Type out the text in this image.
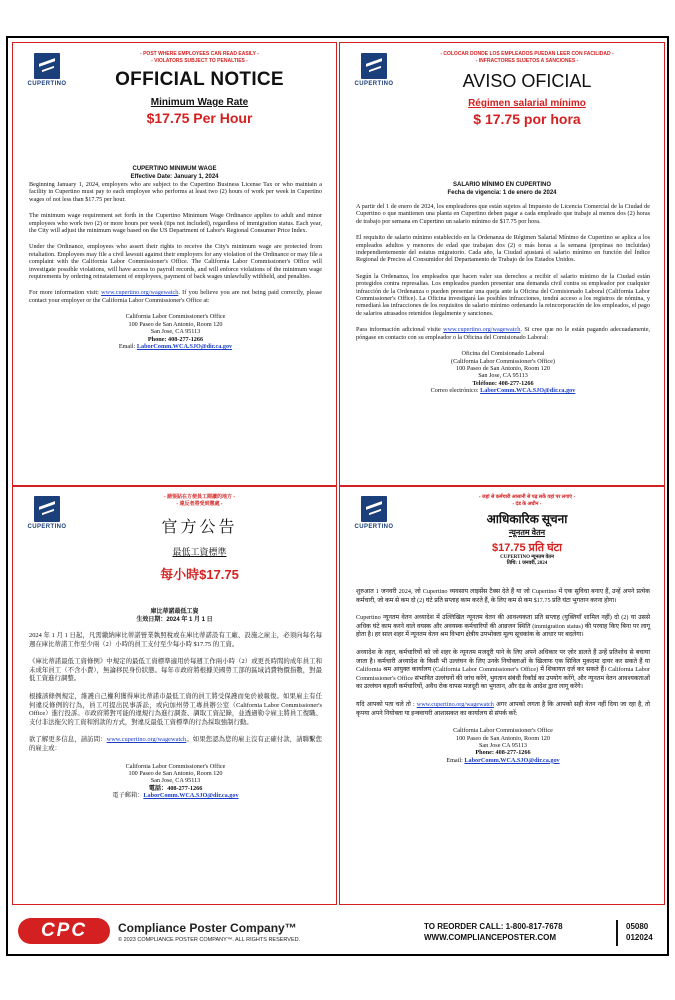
CUPERTINO
- POST WHERE EMPLOYEES CAN READ EASILY -
- VIOLATORS SUBJECT TO PENALTIES -
OFFICIAL NOTICE
Minimum Wage Rate
$17.75 Per Hour
CUPERTINO MINIMUM WAGE
Effective Date: January 1, 2024

Beginning January 1, 2024, employers who are subject to the Cupertino Business License Tax or who maintain a facility in Cupertino must pay to each employee who performs at least two (2) hours of work per week in Cupertino wages of not less than $17.75 per hour.

The minimum wage requirement set forth in the Cupertino Minimum Wage Ordinance applies to adult and minor employees who work two (2) or more hours per week (tips not included), regardless of immigration status. Each year, the City will adjust the minimum wage based on the US Department of Labor's Regional Consumer Price Index.

Under the Ordinance, employees who assert their rights to receive the City's minimum wage are protected from retaliation. Employees may file a civil lawsuit against their employers for any violation of the Ordinance or may file a complaint with the California Labor Commissioner's Office. The California Labor Commissioner's Office will investigate possible violations, will have access to payroll records, and will enforce violations of the minimum wage requirements by ordering reinstatement of employees, payment of back wages unlawfully withheld, and penalties.

For more information visit: www.cupertino.org/wagewatch. If you believe you are not being paid correctly, please contact your employer or the California Labor Commissioner's Office at:

California Labor Commissioner's Office
100 Paseo de San Antonio, Room 120
San Jose, CA 95113
Phone: 408-277-1266
Email: LaborComm.WCA.SJO@dir.ca.gov
CUPERTINO
- COLOCAR DONDE LOS EMPLEADOS PUEDAN LEER CON FACILIDAD -
- INFRACTORES SUJETOS A SANCIONES -
AVISO OFICIAL
Régimen salarial mínimo
$ 17.75 por hora
SALARIO MÍNIMO EN CUPERTINO
Fecha de vigencia: 1 de enero de 2024

A partir del 1 de enero de 2024, los empleadores que están sujetos al Impuesto de Licencia Comercial de la Ciudad de Cupertino o que mantienen una planta en Cupertino deben pagar a cada empleado que trabaje al menos dos (2) horas de trabajo por semana en Cupertino un salario mínimo de $17.75 por hora.

El requisito de salario mínimo establecido en la Ordenanza de Régimen Salarial Mínimo de Cupertino se aplica a los empleados adultos y menores de edad que trabajan dos (2) o más horas a la semana (propinas no incluidas) independientemente del estatus migratorio. Cada año, la Ciudad ajustará el salario mínimo en función del Índice Regional de Precios al Consumidor del Departamento de Trabajo de los Estados Unidos.

Según la Ordenanza, los empleados que hacen valer sus derechos a recibir el salario mínimo de la Ciudad están protegidos contra represalias. Los empleados pueden presentar una demanda civil contra su empleador por cualquier infracción de la Ordenanza o pueden presentar una queja ante la Oficina del Comisionado Laboral (California Labor Commissioner's Office). La Oficina investigará las posibles infracciones, tendrá acceso a los registros de nómina, y remediará las infracciones de los requisitos de salario mínimo ordenando la reincorporación de los empleados, el pago de salarios atrasados retenidos ilegalmente y sanciones.

Para información adicional visite www.cupertino.org/wagewatch. Si cree que no le están pagando adecuadamente, póngase en contacto con su empleador o la Oficina del Comisionado Laboral:

Oficina del Comisionado Laboral
(California Labor Commissioner's Office)
100 Paseo de San Antonio, Room 120
San Jose, CA 95113
Teléfono: 408-277-1266
Correo electrónico: LaborComm.WCA.SJO@dir.ca.gov
CUPERTINO
- 請張貼在方便員工閱讀的地方 -
- 違反者將受到懲處 -
官方公告
最低工資標準
每小時$17.75
庫比蒂諾最低工資
生效日期：2024 年 1 月 1 日

2024 年 1 月 1 日起，凡需繳納庫比蒂諾營業執照稅或在庫比蒂諾設有工廠、設施之雇主，必須向每名每週在庫比蒂諾工作至少兩（2）小時的員工支付至少每小時 $17.75 的工資。

《庫比蒂諾最低工資條例》中規定的最低工資標準適用於每週工作兩小時（2）或更長時間的成年員工和未成年員工（不含小費），無論移民身份狀態。每年市政府將根據美國勞工部的區域消費物價指數，對最低工資進行調整。

根據該條例規定，維護自己權利獲得庫比蒂諾市最低工資的員工將受保護而免於被報復。如果雇主有任何違反條例的行為，員工可提出民事訴訟，或向加州勞工專員辦公室（California Labor Commissioner's Office）進行投訴。市政府將對可能的違規行為進行調查、調取工資記錄，並透過勒令雇主將員工復職、支付非法拖欠的工資和罰款的方式，對違反最低工資標準的行為採取強制行動。

欲了解更多信息，請訪問：www.cupertino.org/wagewatch。如果您認為您的雇主沒有正確付款，請聯繫您的雇主或：

California Labor Commissioner's Office
100 Paseo de San Antonio, Room 120
San Jose, CA 95113
電話：408-277-1266
電子郵箱：LaborComm.WCA.SJO@dir.ca.gov
CUPERTINO
- जहां से कर्मचारी आसानी से पढ़ सकें वहां पर लगाएं -
- दंड के अधीन -
आधिकारिक सूचना
न्यूनतम वेतन
$17.75 प्रति घंटा
CUPERTINO न्यूनतम वेतन
तिथि: 1 जनवरी, 2024

शुरुआत 1 जनवरी 2024, जो Cupertino व्यवसाय लाइसेंस टैक्स देते हैं या जो Cupertino में एक सुविधा बनाए हैं, उन्हें अपने प्रत्येक कर्मचारी, जो कम से कम दो (2) घंटे प्रति सप्ताह काम करते हैं, के लिए कम से कम $17.75 प्रति घंटा भुगतान करना होगा।

Cupertino न्यूनतम वेतन अध्यादेश में उल्लिखित न्यूनतम वेतन की आवश्यकता प्रति सप्ताह (युक्तियाँ शामिल नहीं) दो (2) या उससे अधिक घंटे काम करने वाले वयस्क और अवयस्क कर्मचारियों की आव्रजन स्थिति (immigration status) की परवाह किए बिना पर लागू होता है। हर साल शहर में न्यूनतम वेतन श्रम विभाग क्षेत्रीय उपभोक्ता मूल्य सूचकांक के आधार पर बदलेगा।

अध्यादेश के तहत, कर्मचारियों को जो शहर के न्यूनतम मजदूरी पाने के लिए अपने अधिकार पर ज़ोर डालते हैं उन्हें प्रतिशोध से बचाया जाता है। कर्मचारी अध्यादेश के किसी भी उल्लंघन के लिए उनके नियोक्ताओं के खिलाफ एक सिविल मुकदमा दायर कर सकते हैं या California श्रम आयुक्त कार्यालय (California Labor Commissioner's Office) में शिकायत दर्ज कर सकते हैं। California Labor Commissioner's Office संभावित उल्लंघनों की जांच करेंगे, भुगतान संबंधी रिकॉर्ड का उपयोग करेंगे, और न्यूनतम वेतन आवश्यकताओं का उल्लंघन बहाली कर्मचारियों, अवैध रोक वापस मजदूरी का भुगतान, और दंड के आदेश द्वारा लागू करेंगे।

यदि आपको पता चले तो : www.cupertino.org/wagewatch अगर आपको लगता है कि आपको सही वेतन नहीं दिया जा रहा है, तो कृपया अपने नियोक्ता या इन्क्वायरी आशासकत का कार्यालय से संपर्क करें:

California Labor Commissioner's Office
100 Paseo de San Antonio, Room 120
San Jose CA 95113
Phone: 408-277-1266
Email: LaborComm.WCA.SJO@dir.ca.gov
CPC	Compliance Poster Company™
© 2023 COMPLIANCE POSTER COMPANY™. ALL RIGHTS RESERVED.
TO REORDER CALL: 1-800-817-7678
WWW.COMPLIANCEPOSTER.COM
05080
012024
